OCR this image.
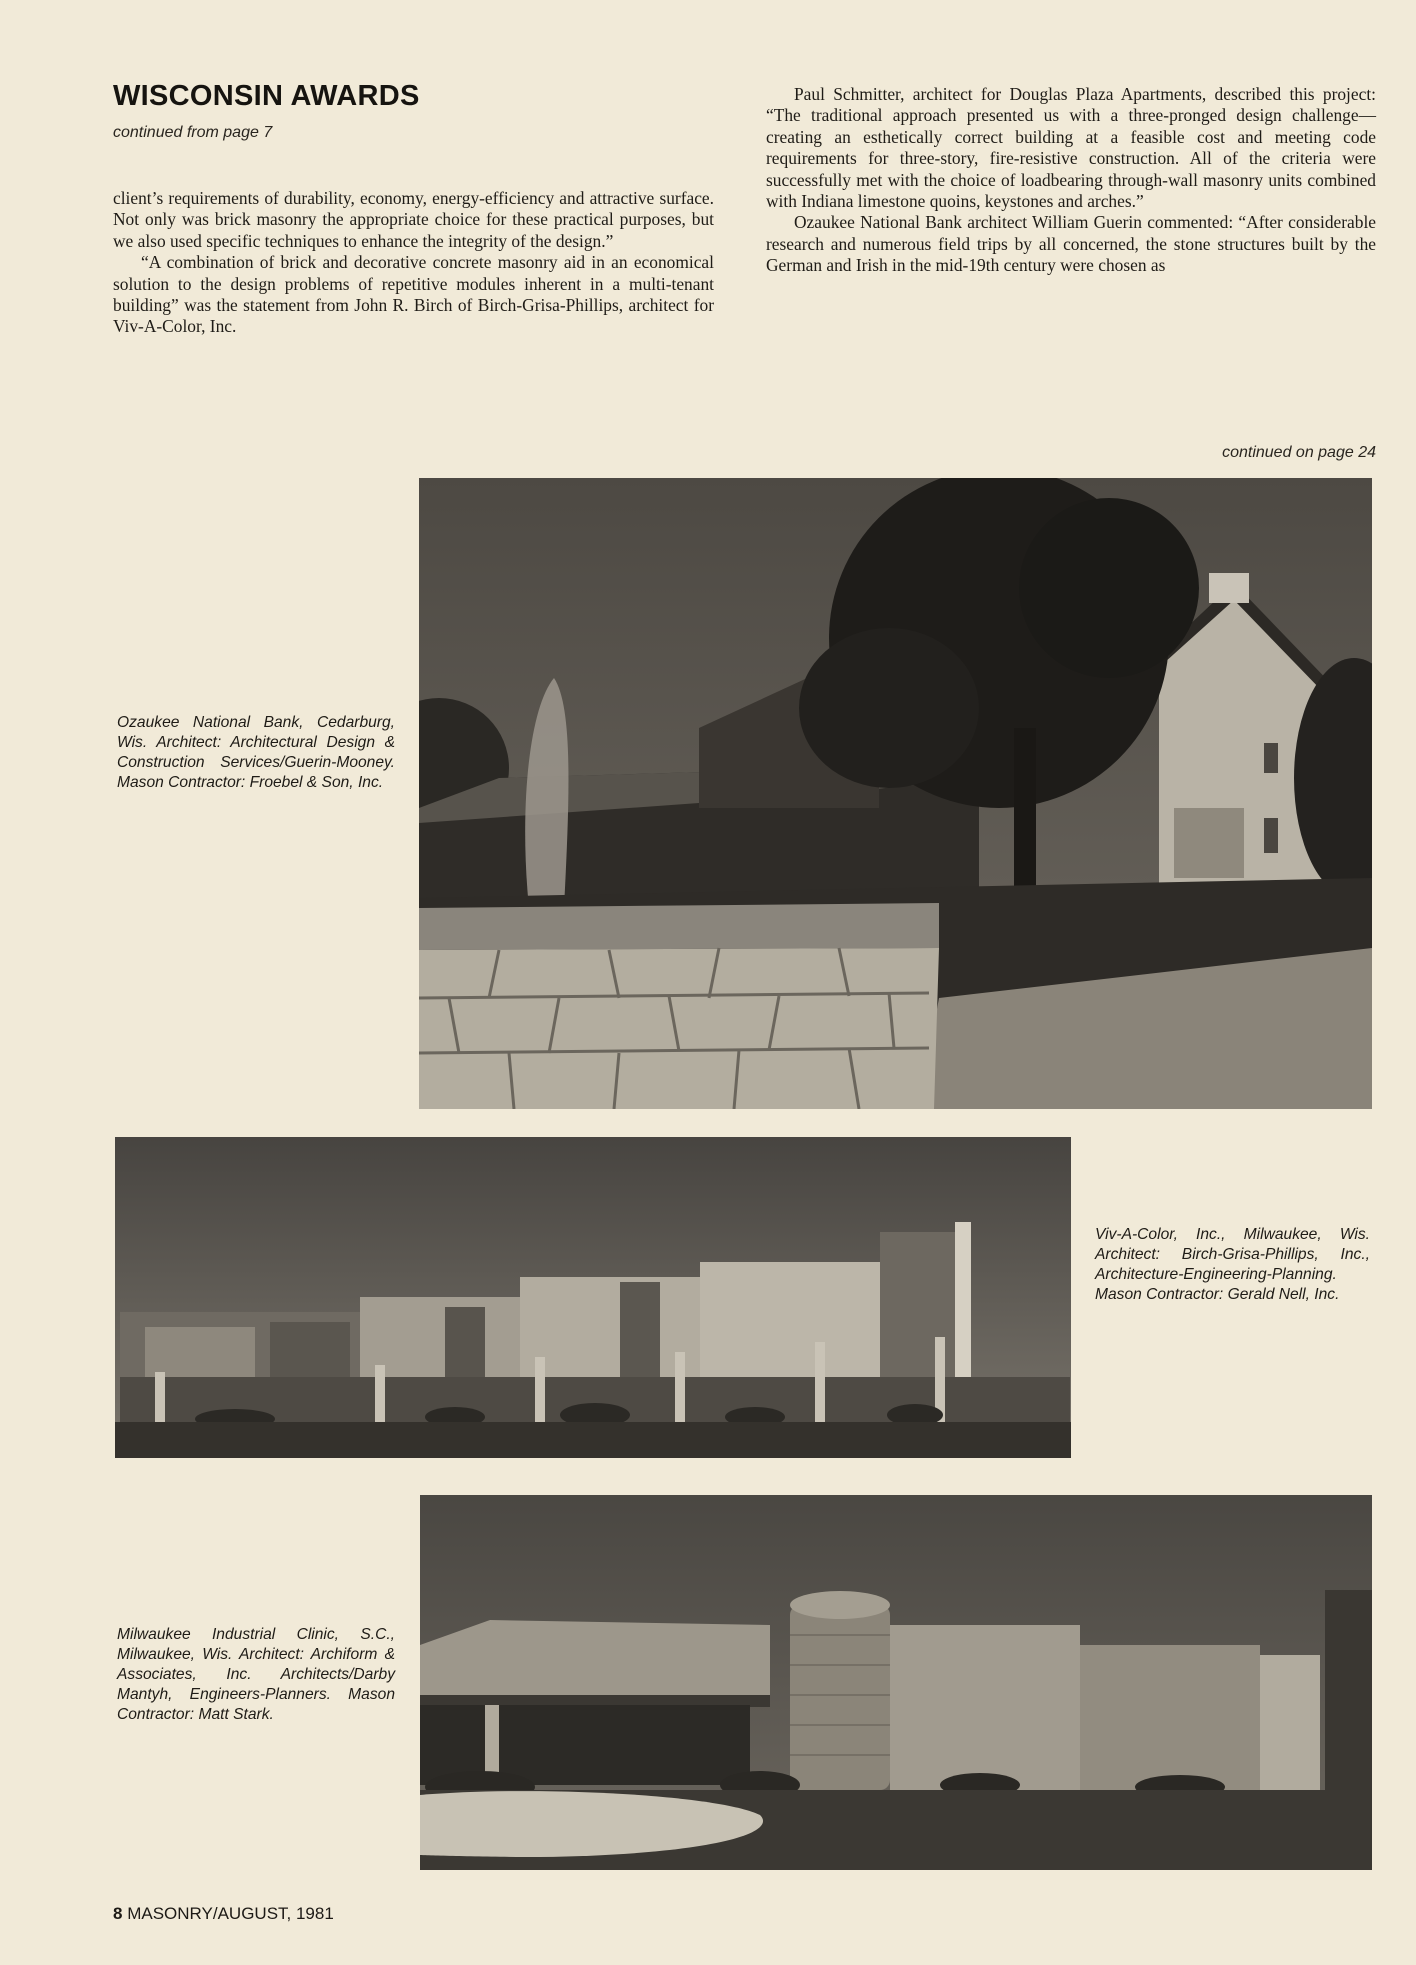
WISCONSIN AWARDS
continued from page 7

client’s requirements of durability, economy, energy-efficiency and attractive surface. Not only was brick masonry the appropriate choice for these practical purposes, but we also used specific techniques to enhance the integrity of the design.”

“A combination of brick and decorative concrete masonry aid in an economical solution to the design problems of repetitive modules inherent in a multi-tenant building” was the statement from John R. Birch of Birch-Grisa-Phillips, architect for Viv-A-Color, Inc.

Paul Schmitter, architect for Douglas Plaza Apartments, described this project: “The traditional approach presented us with a three-pronged design challenge—creating an esthetically correct building at a feasible cost and meeting code requirements for three-story, fire-resistive construction. All of the criteria were successfully met with the choice of loadbearing through-wall masonry units combined with Indiana limestone quoins, keystones and arches.”

Ozaukee National Bank architect William Guerin commented: “After considerable research and numerous field trips by all concerned, the stone structures built by the German and Irish in the mid-19th century were chosen as

continued on page 24
Ozaukee National Bank, Cedarburg, Wis. Architect: Architectural Design & Construction Services/Guerin-Mooney. Mason Contractor: Froebel & Son, Inc.
Viv-A-Color, Inc., Milwaukee, Wis. Architect: Birch-Grisa-Phillips, Inc., Architecture-Engineering-Planning. Mason Contractor: Gerald Nell, Inc.
Milwaukee Industrial Clinic, S.C., Milwaukee, Wis. Architect: Archiform & Associates, Inc. Architects/Darby Mantyh, Engineers-Planners. Mason Contractor: Matt Stark.
8 MASONRY/AUGUST, 1981
